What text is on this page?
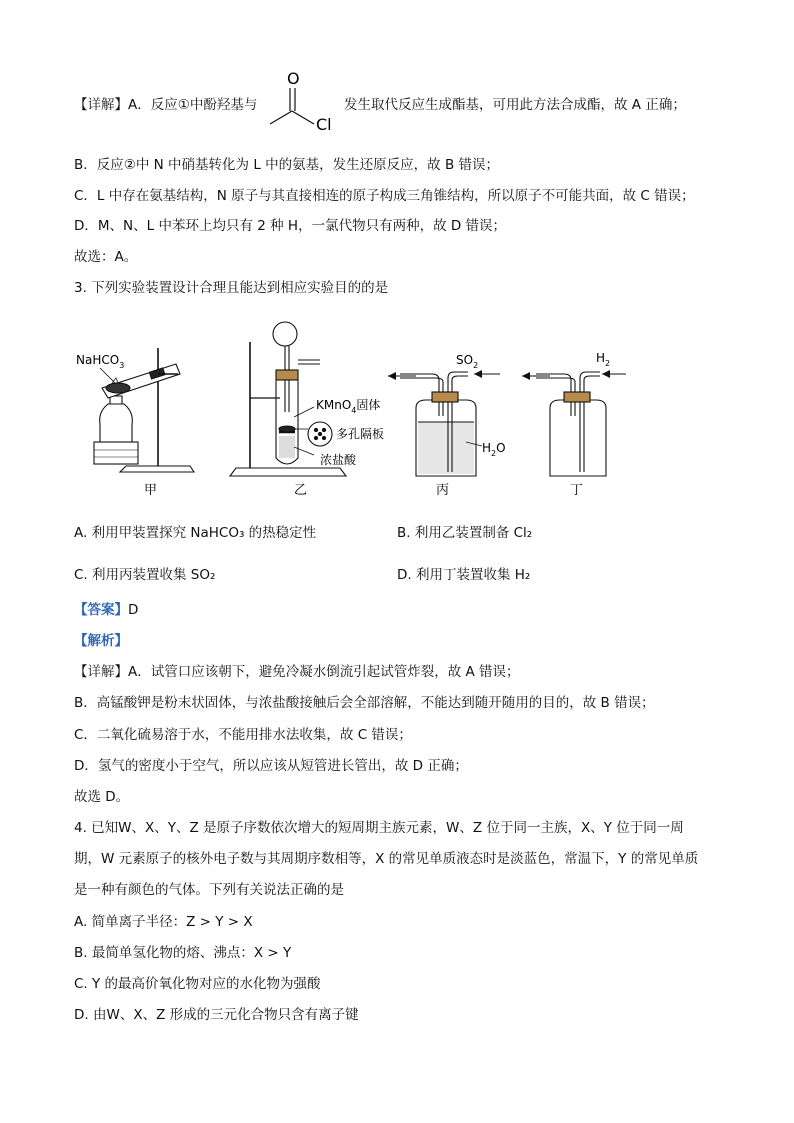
【详解】A．反应①中酚羟基与
O
Cl
发生取代反应生成酯基，可用此方法合成酯，故 A 正确；
B．反应②中 N 中硝基转化为 L 中的氨基，发生还原反应，故 B 错误；
C．L 中存在氨基结构，N 原子与其直接相连的原子构成三角锥结构，所以原子不可能共面，故 C 错误；
D．M、N、L 中苯环上均只有 2 种 H，一氯代物只有两种，故 D 错误；
故选：A。
3. 下列实验装置设计合理且能达到相应实验目的的是
NaHCO$_3$
甲
KMnO$_4$固体
多孔隔板
浓盐酸
乙
$SO_2$
$H_2O$
丙
$H_2$
丁
A. 利用甲装置探究 NaHCO₃ 的热稳定性	B. 利用乙装置制备 Cl₂
C. 利用丙装置收集 SO₂	D. 利用丁装置收集 H₂
【答案】D
【解析】
【详解】A．试管口应该朝下，避免冷凝水倒流引起试管炸裂，故 A 错误；
B．高锰酸钾是粉末状固体，与浓盐酸接触后会全部溶解，不能达到随开随用的目的，故 B 错误；
C．二氧化硫易溶于水，不能用排水法收集，故 C 错误；
D．氢气的密度小于空气，所以应该从短管进长管出，故 D 正确；
故选 D。
4. 已知W、X、Y、Z 是原子序数依次增大的短周期主族元素，W、Z 位于同一主族，X、Y 位于同一周
期，W 元素原子的核外电子数与其周期序数相等，X 的常见单质液态时是淡蓝色，常温下，Y 的常见单质
是一种有颜色的气体。下列有关说法正确的是
A. 简单离子半径：Z > Y > X
B. 最简单氢化物的熔、沸点：X > Y
C. Y 的最高价氧化物对应的水化物为强酸
D. 由W、X、Z 形成的三元化合物只含有离子键
